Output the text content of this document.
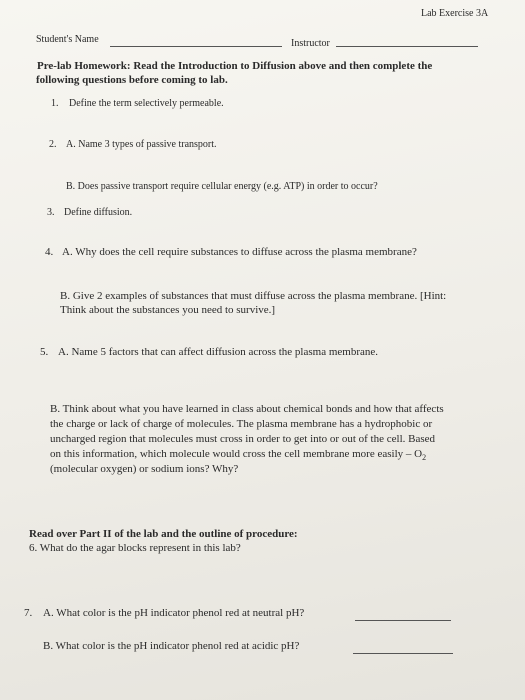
Lab Exercise 3A
Student's Name	Instructor
Pre-lab Homework: Read the Introduction to Diffusion above and then complete the
following questions before coming to lab.
1. Define the term selectively permeable.
2. A. Name 3 types of passive transport.
B. Does passive transport require cellular energy (e.g. ATP) in order to occur?
3. Define diffusion.
4. A. Why does the cell require substances to diffuse across the plasma membrane?
B. Give 2 examples of substances that must diffuse across the plasma membrane. [Hint:
Think about the substances you need to survive.]
5. A. Name 5 factors that can affect diffusion across the plasma membrane.
B. Think about what you have learned in class about chemical bonds and how that affects
the charge or lack of charge of molecules. The plasma membrane has a hydrophobic or
uncharged region that molecules must cross in order to get into or out of the cell. Based
on this information, which molecule would cross the cell membrane more easily – $O_2$
(molecular oxygen) or sodium ions? Why?
Read over Part II of the lab and the outline of procedure:
6. What do the agar blocks represent in this lab?
7. A. What color is the pH indicator phenol red at neutral pH?
B. What color is the pH indicator phenol red at acidic pH?
